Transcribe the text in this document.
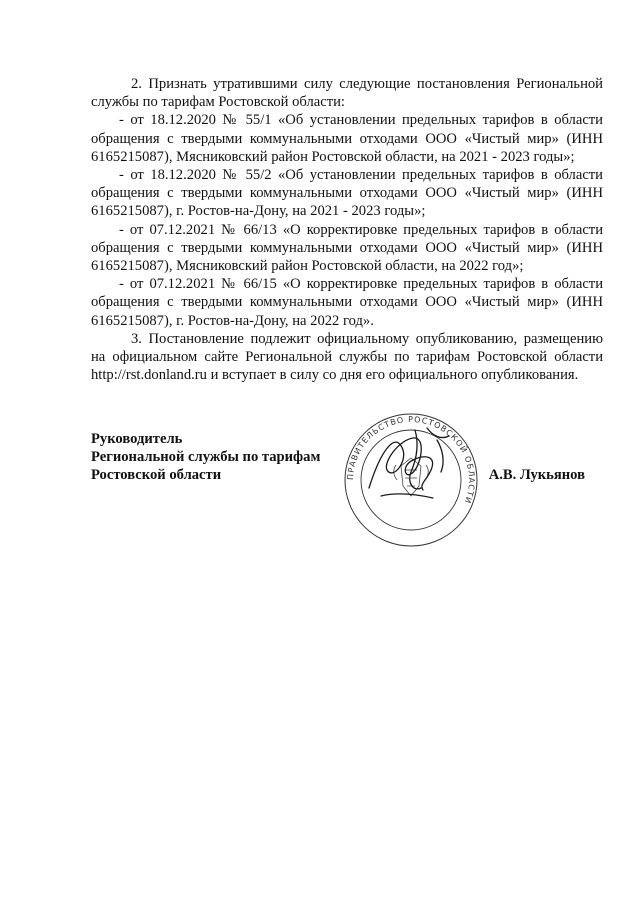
2. Признать утратившими силу следующие постановления Региональной службы по тарифам Ростовской области:

- от 18.12.2020 № 55/1 «Об установлении предельных тарифов в области обращения с твердыми коммунальными отходами ООО «Чистый мир» (ИНН 6165215087), Мясниковский район Ростовской области, на 2021 - 2023 годы»;

- от 18.12.2020 № 55/2 «Об установлении предельных тарифов в области обращения с твердыми коммунальными отходами ООО «Чистый мир» (ИНН 6165215087), г. Ростов-на-Дону, на 2021 - 2023 годы»;

- от 07.12.2021 № 66/13 «О корректировке предельных тарифов в области обращения с твердыми коммунальными отходами ООО «Чистый мир» (ИНН 6165215087), Мясниковский район Ростовской области, на 2022 год»;

- от 07.12.2021 № 66/15 «О корректировке предельных тарифов в области обращения с твердыми коммунальными отходами ООО «Чистый мир» (ИНН 6165215087), г. Ростов-на-Дону, на 2022 год».

3. Постановление подлежит официальному опубликованию, размещению на официальном сайте Региональной службы по тарифам Ростовской области http://rst.donland.ru и вступает в силу со дня его официального опубликования.

Руководитель
Региональной службы по тарифам
Ростовской области	ПРАВИТЕЛЬСТВО РОСТОВСКОЙ ОБЛАСТИ
А.В. Лукьянов
